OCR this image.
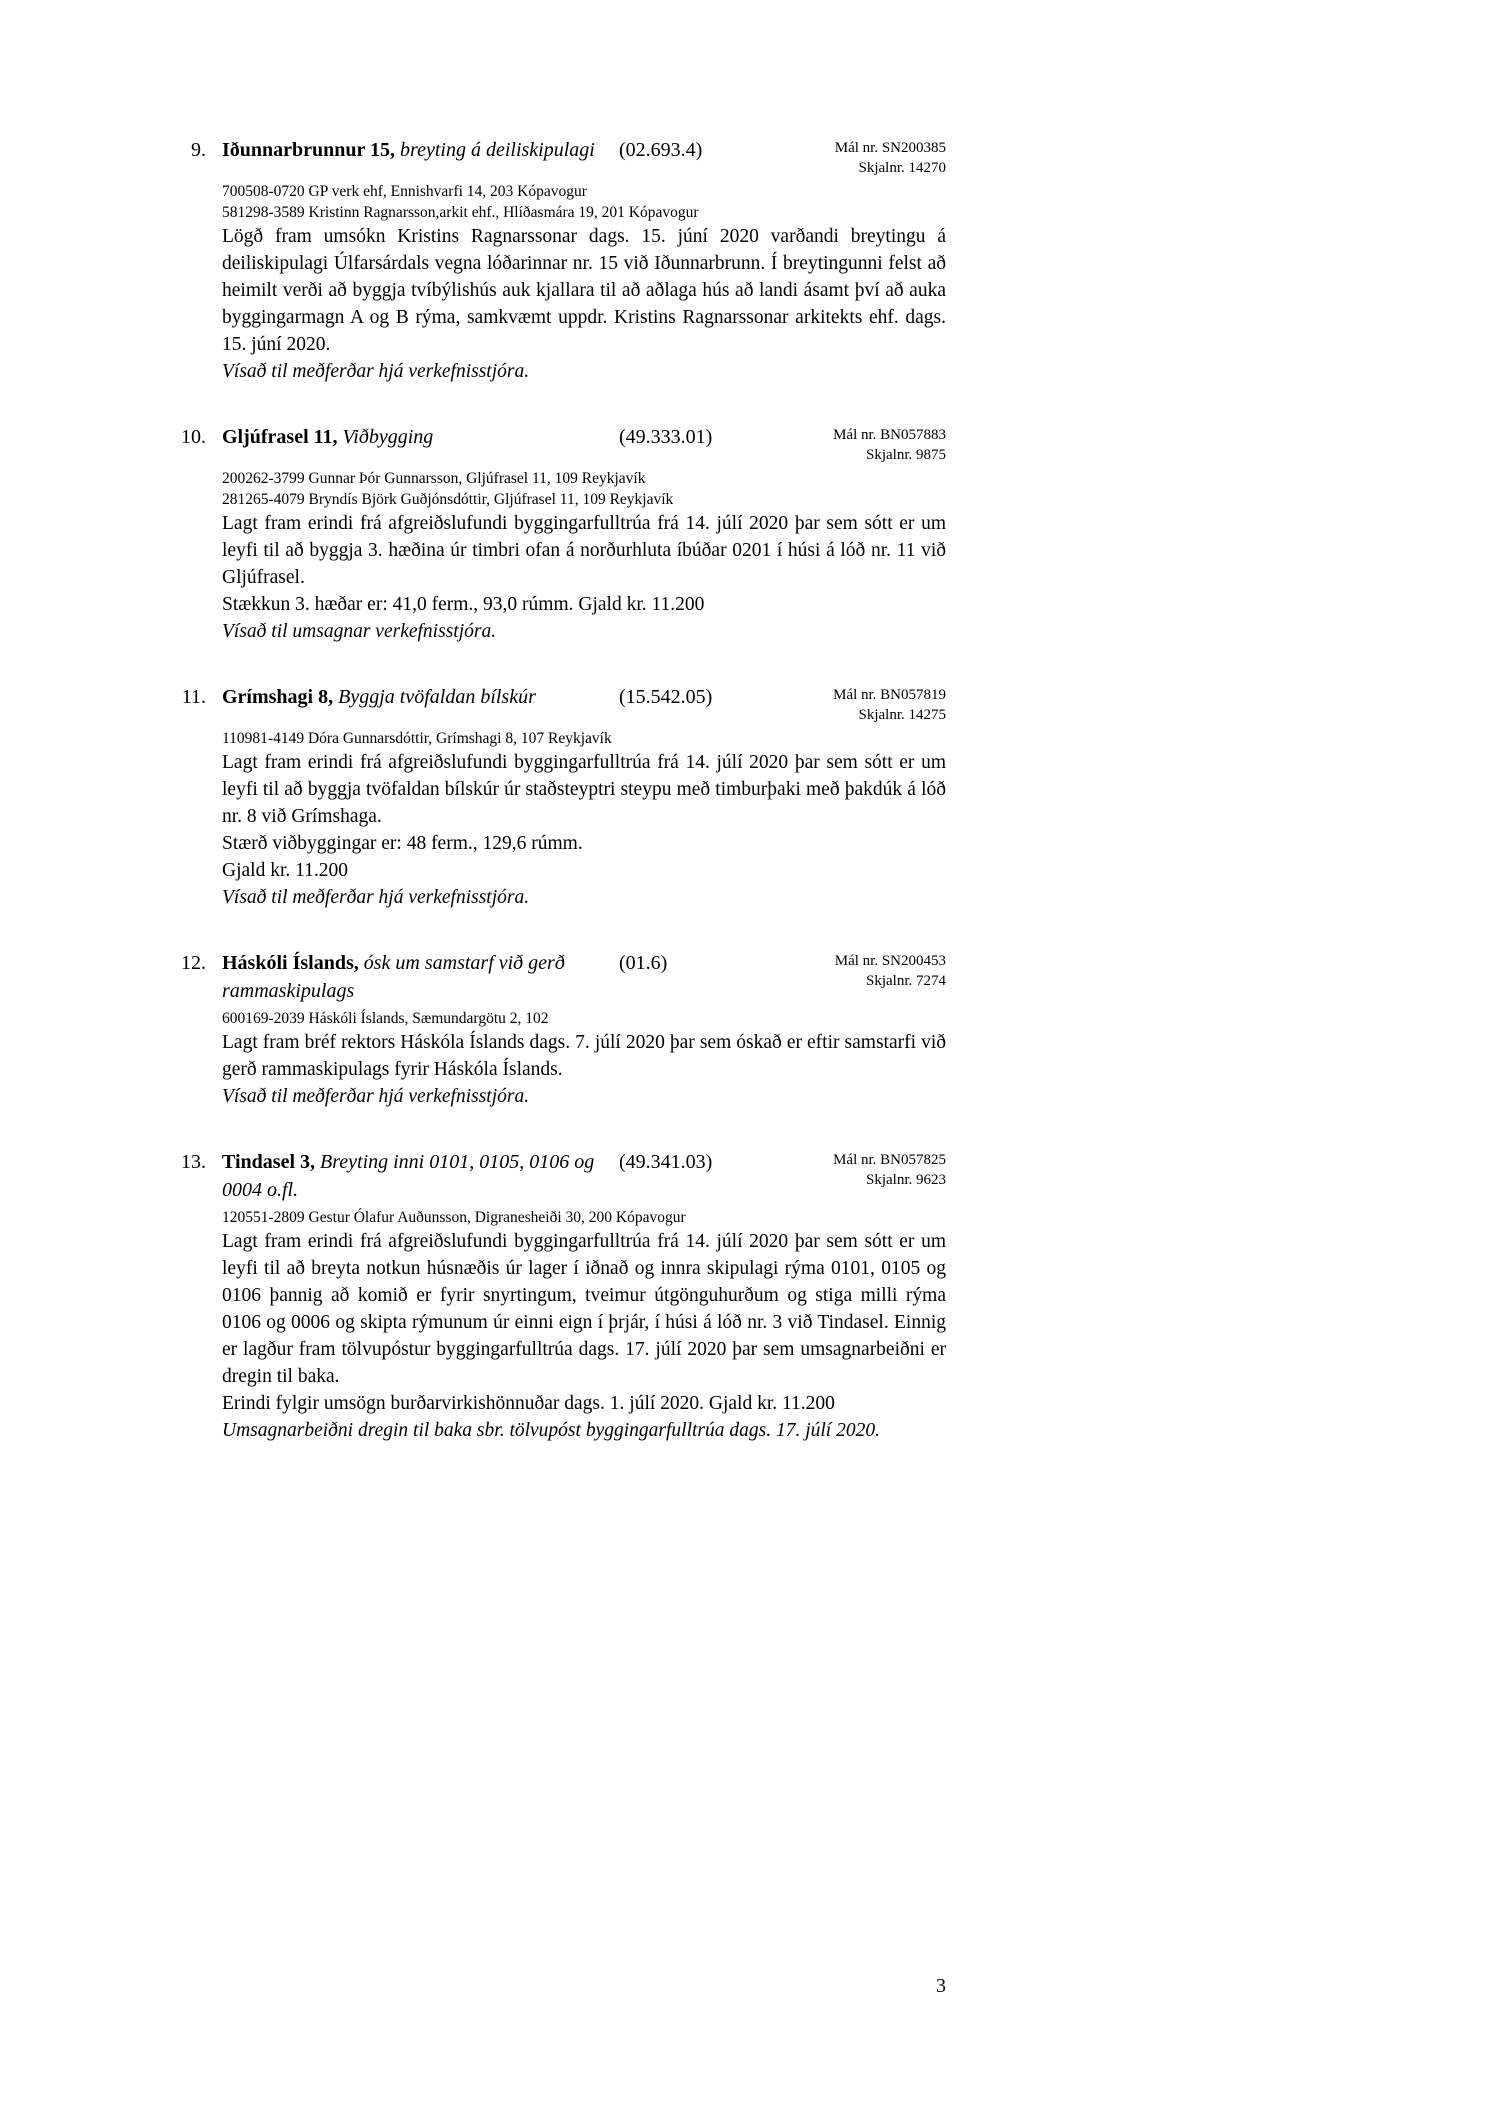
9. Iðunnarbrunnur 15, breyting á deiliskipulagi	(02.693.4)	Mál nr. SN200385
Skjalnr. 14270
700508-0720 GP verk ehf, Ennishvarfi 14, 203 Kópavogur
581298-3589 Kristinn Ragnarsson,arkit ehf., Hlíðasmára 19, 201 Kópavogur

Lögð fram umsókn Kristins Ragnarssonar dags. 15. júní 2020 varðandi breytingu á deiliskipulagi Úlfarsárdals vegna lóðarinnar nr. 15 við Iðunnarbrunn. Í breytingunni felst að heimilt verði að byggja tvíbýlishús auk kjallara til að aðlaga hús að landi ásamt því að auka byggingarmagn A og B rýma, samkvæmt uppdr. Kristins Ragnarssonar arkitekts ehf. dags. 15. júní 2020.

Vísað til meðferðar hjá verkefnisstjóra.

10. Gljúfrasel 11, Viðbygging	(49.333.01)	Mál nr. BN057883
Skjalnr. 9875
200262-3799 Gunnar Þór Gunnarsson, Gljúfrasel 11, 109 Reykjavík
281265-4079 Bryndís Björk Guðjónsdóttir, Gljúfrasel 11, 109 Reykjavík

Lagt fram erindi frá afgreiðslufundi byggingarfulltrúa frá 14. júlí 2020 þar sem sótt er um leyfi til að byggja 3. hæðina úr timbri ofan á norðurhluta íbúðar 0201 í húsi á lóð nr. 11 við Gljúfrasel.

Stækkun 3. hæðar er: 41,0 ferm., 93,0 rúmm. Gjald kr. 11.200

Vísað til umsagnar verkefnisstjóra.

11. Grímshagi 8, Byggja tvöfaldan bílskúr	(15.542.05)	Mál nr. BN057819
Skjalnr. 14275
110981-4149 Dóra Gunnarsdóttir, Grímshagi 8, 107 Reykjavík

Lagt fram erindi frá afgreiðslufundi byggingarfulltrúa frá 14. júlí 2020 þar sem sótt er um leyfi til að byggja tvöfaldan bílskúr úr staðsteyptri steypu með timburþaki með þakdúk á lóð nr. 8 við Grímshaga.

Stærð viðbyggingar er: 48 ferm., 129,6 rúmm.

Gjald kr. 11.200

Vísað til meðferðar hjá verkefnisstjóra.

12. Háskóli Íslands, ósk um samstarf við gerð rammaskipulags
(01.6)	Mál nr. SN200453
Skjalnr. 7274
600169-2039 Háskóli Íslands, Sæmundargötu 2, 102

Lagt fram bréf rektors Háskóla Íslands dags. 7. júlí 2020 þar sem óskað er eftir samstarfi við gerð rammaskipulags fyrir Háskóla Íslands.

Vísað til meðferðar hjá verkefnisstjóra.

13. Tindasel 3, Breyting inni 0101, 0105, 0106 og 0004 o.fl.
(49.341.03)	Mál nr. BN057825
Skjalnr. 9623
120551-2809 Gestur Ólafur Auðunsson, Digranesheiði 30, 200 Kópavogur

Lagt fram erindi frá afgreiðslufundi byggingarfulltrúa frá 14. júlí 2020 þar sem sótt er um leyfi til að breyta notkun húsnæðis úr lager í iðnað og innra skipulagi rýma 0101, 0105 og 0106 þannig að komið er fyrir snyrtingum, tveimur útgönguhurðum og stiga milli rýma 0106 og 0006 og skipta rýmunum úr einni eign í þrjár, í húsi á lóð nr. 3 við Tindasel. Einnig er lagður fram tölvupóstur byggingarfulltrúa dags. 17. júlí 2020 þar sem umsagnarbeiðni er dregin til baka.

Erindi fylgir umsögn burðarvirkishönnuðar dags. 1. júlí 2020. Gjald kr. 11.200

Umsagnarbeiðni dregin til baka sbr. tölvupóst byggingarfulltrúa dags. 17. júlí 2020.

3
